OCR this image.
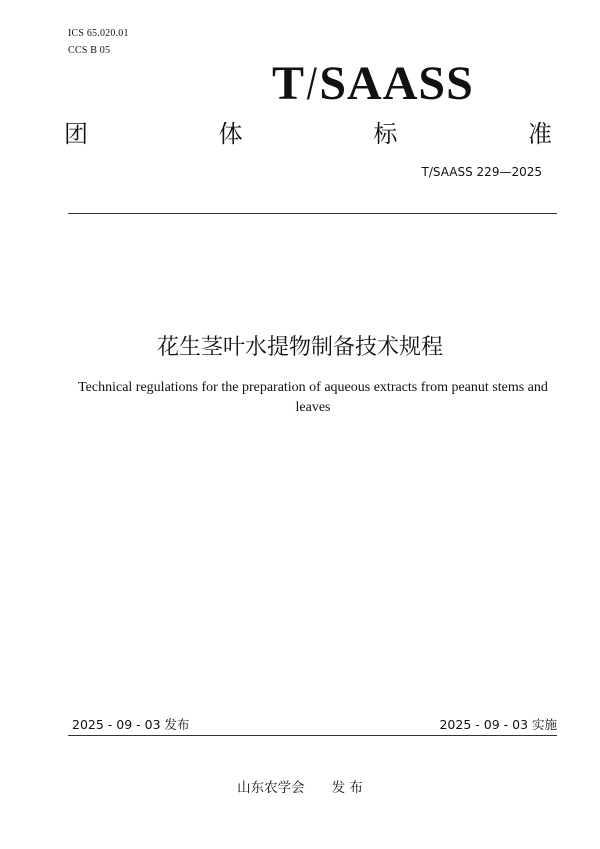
ICS 65.020.01
CCS B 05
T/SAASS
团	体	标	准
T/SAASS 229—2025
花生茎叶水提物制备技术规程
Technical regulations for the preparation of aqueous extracts from peanut stems and leaves
2025 - 09 - 03 发布	2025 - 09 - 03 实施
山东农学会　　发 布
